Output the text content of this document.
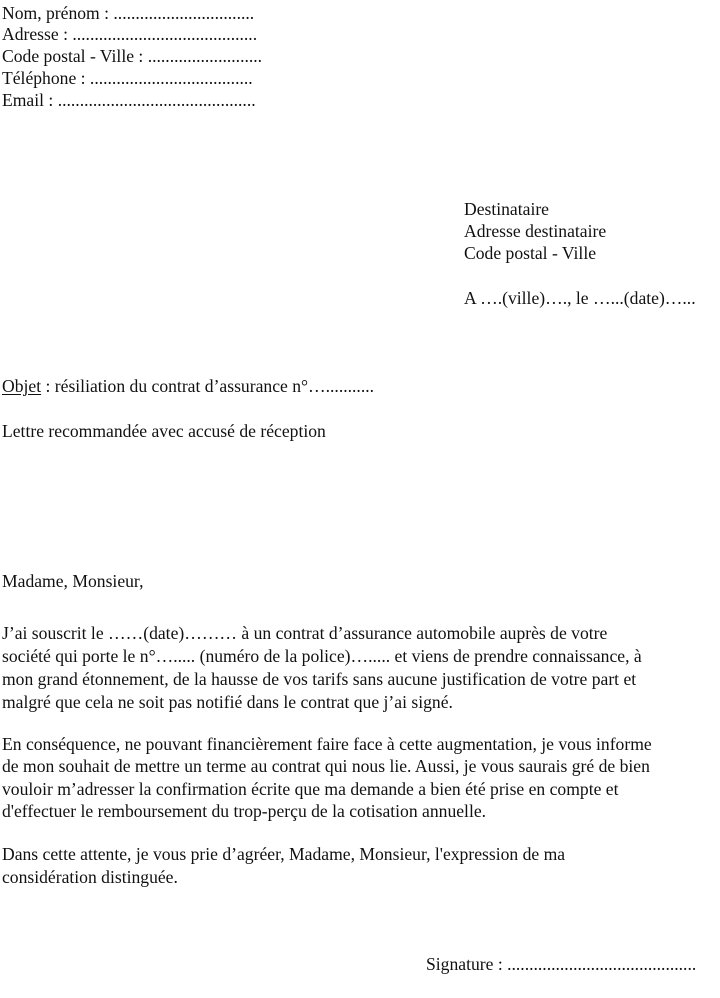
Nom, prénom : ................................
Adresse : ..........................................
Code postal - Ville : ..........................
Téléphone : .....................................
Email : .............................................
Destinataire
Adresse destinataire
Code postal - Ville
A ….(ville)…., le …...(date)…...
Objet : résiliation du contrat d’assurance n°…...........
Lettre recommandée avec accusé de réception
Madame, Monsieur,
J’ai souscrit le ……(date)……… à un contrat d’assurance automobile auprès de votre
société qui porte le n°…..... (numéro de la police)…..... et viens de prendre connaissance, à
mon grand étonnement, de la hausse de vos tarifs sans aucune justification de votre part et
malgré que cela ne soit pas notifié dans le contrat que j’ai signé.
En conséquence, ne pouvant financièrement faire face à cette augmentation, je vous informe
de mon souhait de mettre un terme au contrat qui nous lie. Aussi, je vous saurais gré de bien
vouloir m’adresser la confirmation écrite que ma demande a bien été prise en compte et
d'effectuer le remboursement du trop-perçu de la cotisation annuelle.
Dans cette attente, je vous prie d’agréer, Madame, Monsieur, l'expression de ma
considération distinguée.
Signature : ...........................................
